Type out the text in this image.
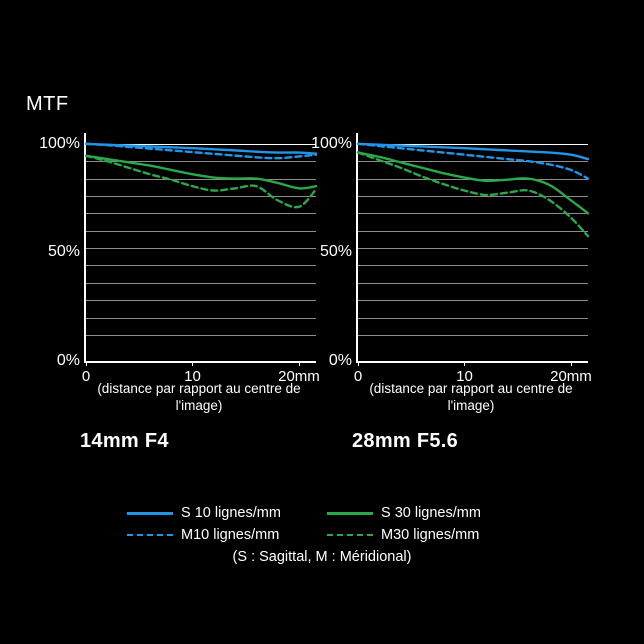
MTF
0%
50%
100%
0	10	20mm
(distance par rapport au centre de l'image)
14mm F4
0%
50%
100%
0	10	20mm
(distance par rapport au centre de l'image)
28mm F5.6
S 10 lignes/mm	S 30 lignes/mm
M10 lignes/mm	M30 lignes/mm
(S : Sagittal, M : Méridional)
